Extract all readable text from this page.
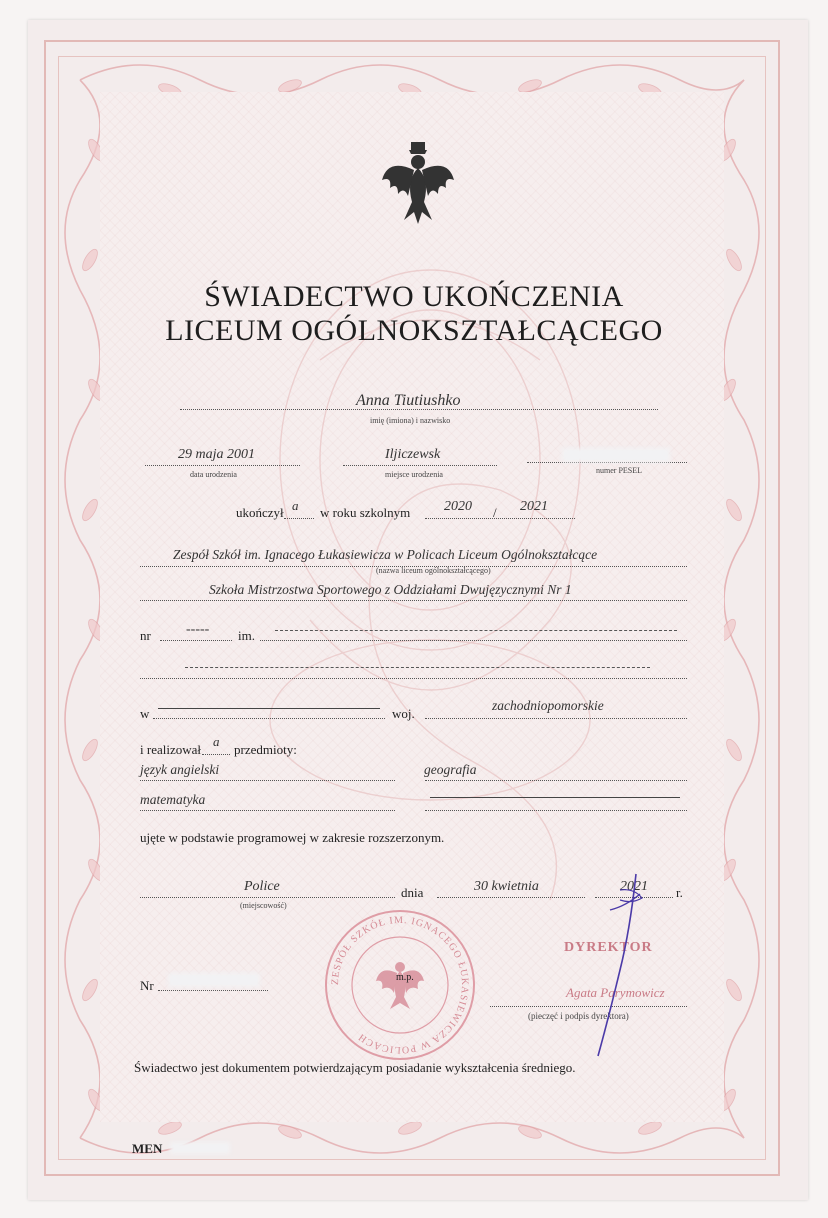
ŚWIADECTWO UKOŃCZENIA
LICEUM OGÓLNOKSZTAŁCĄCEGO
Anna Tiutiushko
imię (imiona) i nazwisko
29 maja 2001
data urodzenia
Iljiczewsk
miejsce urodzenia	numer PESEL
ukończył a w roku szkolnym 2020 / 2021
Zespół Szkół im. Ignacego Łukasiewicza w Policach Liceum Ogólnokształcące
(nazwa liceum ogólnokształcącego)
Szkoła Mistrzostwa Sportowego z Oddziałami Dwujęzycznymi Nr 1
nr	----- im.
w	woj.
zachodniopomorskie
i realizował
a
przedmioty:
język angielski	geografia
matematyka
ujęte w podstawie programowej w zakresie rozszerzonym.
Police
(miejscowość)
dnia	30 kwietnia	2021 r.
ZESPÓŁ SZKÓŁ IM. IGNACEGO ŁUKASIEWICZA W POLICACH
m.p.
DYREKTOR
Agata Parymowicz
(pieczęć i podpis dyrektora)
Nr
Świadectwo jest dokumentem potwierdzającym posiadanie wykształcenia średniego.
MEN
